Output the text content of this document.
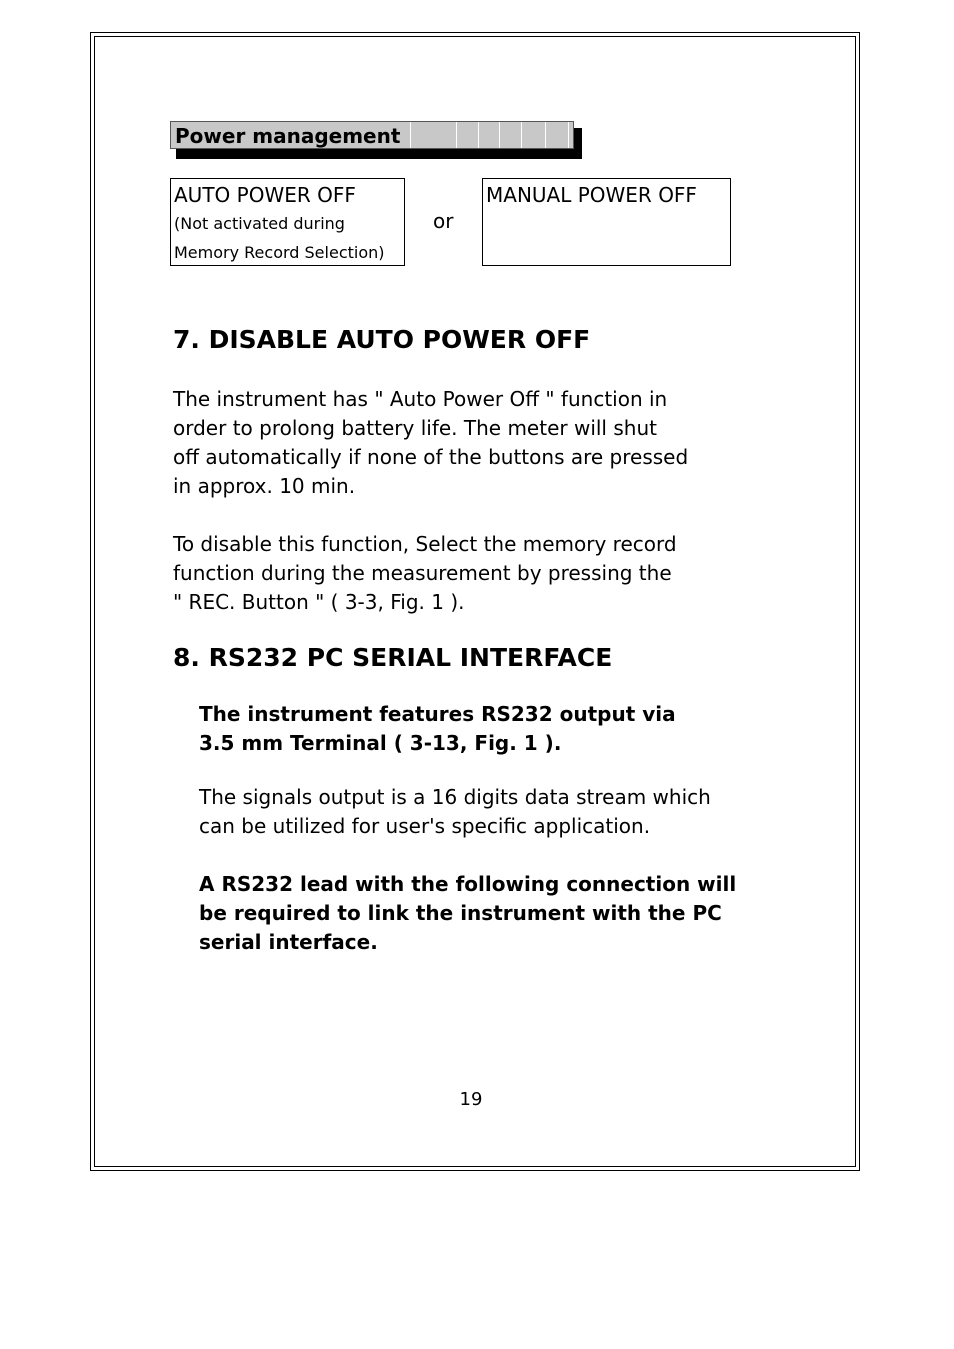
Power management
AUTO POWER OFF
(Not activated during
Memory Record Selection)
or
MANUAL POWER OFF
7. DISABLE AUTO POWER OFF
The instrument has " Auto Power Off " function in
order to prolong battery life. The meter will shut
off automatically if none of the buttons are pressed
in approx. 10 min.
To disable this function, Select the memory record
function during the measurement by pressing the
" REC. Button " ( 3-3, Fig. 1 ).
8. RS232 PC SERIAL INTERFACE
The instrument features RS232 output via
3.5 mm Terminal ( 3-13, Fig. 1 ).
The signals output is a 16 digits data stream which
can be utilized for user's specific application.
A RS232 lead with the following connection will
be required to link the instrument with the PC
serial interface.
19
